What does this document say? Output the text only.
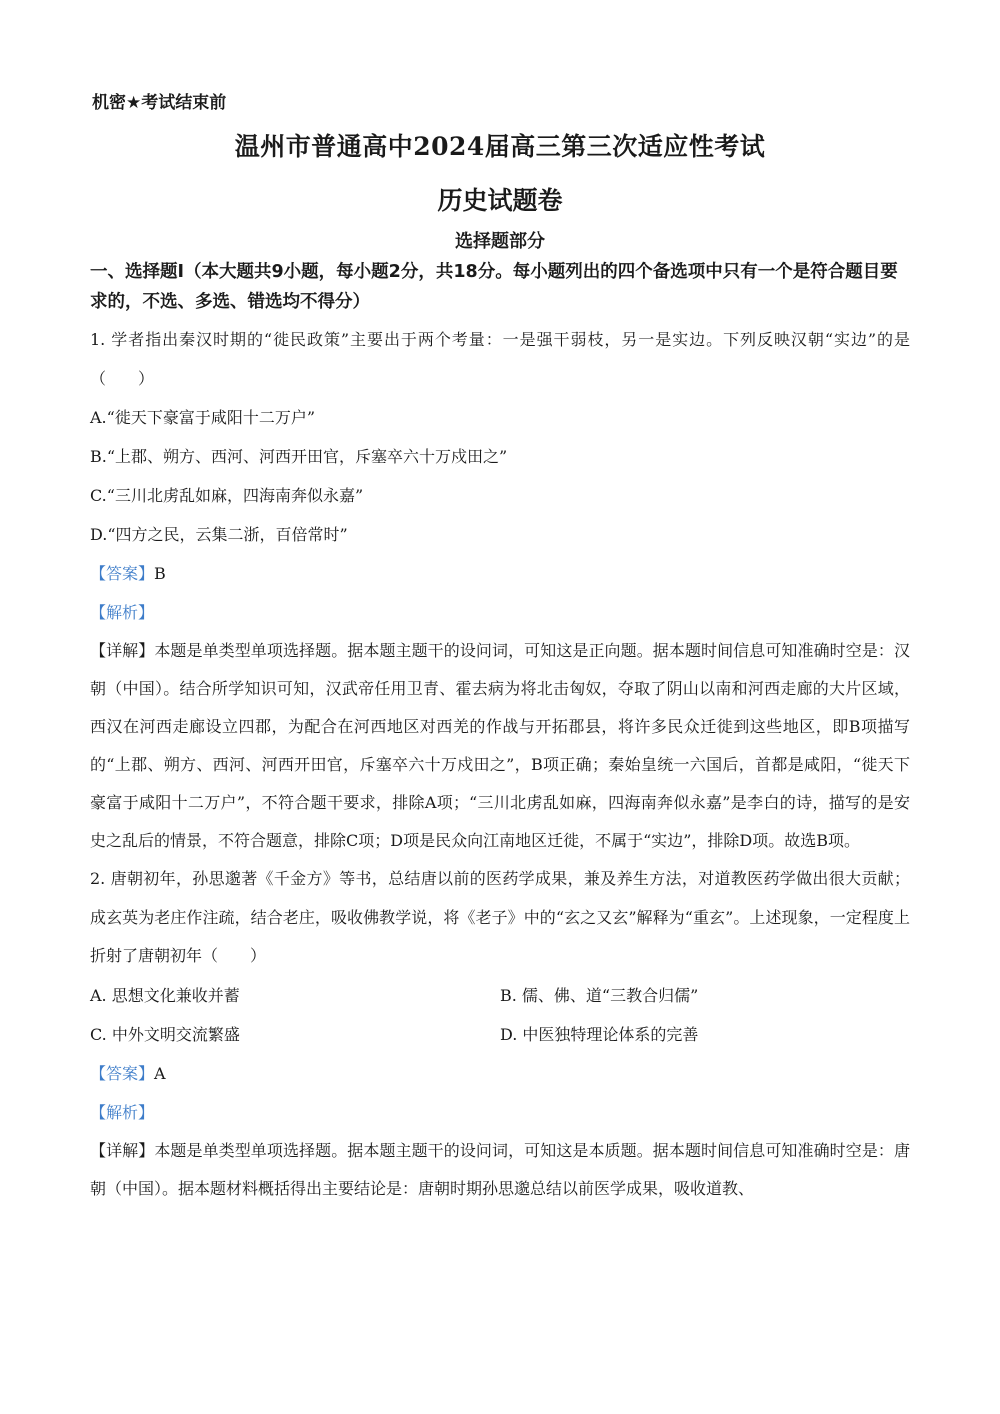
机密★考试结束前
温州市普通高中2024届高三第三次适应性考试
历史试题卷
选择题部分
一、选择题Ⅰ（本大题共9小题，每小题2分，共18分。每小题列出的四个备选项中只有一个是符合题目要求的，不选、多选、错选均不得分）

1. 学者指出秦汉时期的“徙民政策”主要出于两个考量：一是强干弱枝，另一是实边。下列反映汉朝“实边”的是（　　）

A.“徙天下豪富于咸阳十二万户”

B.“上郡、朔方、西河、河西开田官，斥塞卒六十万戍田之”

C.“三川北虏乱如麻，四海南奔似永嘉”

D.“四方之民，云集二浙，百倍常时”

【答案】B

【解析】

【详解】本题是单类型单项选择题。据本题主题干的设问词，可知这是正向题。据本题时间信息可知准确时空是：汉朝（中国）。结合所学知识可知，汉武帝任用卫青、霍去病为将北击匈奴，夺取了阴山以南和河西走廊的大片区域，西汉在河西走廊设立四郡，为配合在河西地区对西羌的作战与开拓郡县，将许多民众迁徙到这些地区，即B项描写的“上郡、朔方、西河、河西开田官，斥塞卒六十万戍田之”，B项正确；秦始皇统一六国后，首都是咸阳，“徙天下豪富于咸阳十二万户”，不符合题干要求，排除A项；“三川北虏乱如麻，四海南奔似永嘉”是李白的诗，描写的是安史之乱后的情景，不符合题意，排除C项；D项是民众向江南地区迁徙，不属于“实边”，排除D项。故选B项。

2. 唐朝初年，孙思邈著《千金方》等书，总结唐以前的医药学成果，兼及养生方法，对道教医药学做出很大贡献；成玄英为老庄作注疏，结合老庄，吸收佛教学说，将《老子》中的“玄之又玄”解释为“重玄”。上述现象，一定程度上折射了唐朝初年（　　）

A. 思想文化兼收并蓄	B. 儒、佛、道“三教合归儒”

C. 中外文明交流繁盛	D. 中医独特理论体系的完善

【答案】A

【解析】

【详解】本题是单类型单项选择题。据本题主题干的设问词，可知这是本质题。据本题时间信息可知准确时空是：唐朝（中国）。据本题材料概括得出主要结论是：唐朝时期孙思邈总结以前医学成果，吸收道教、
